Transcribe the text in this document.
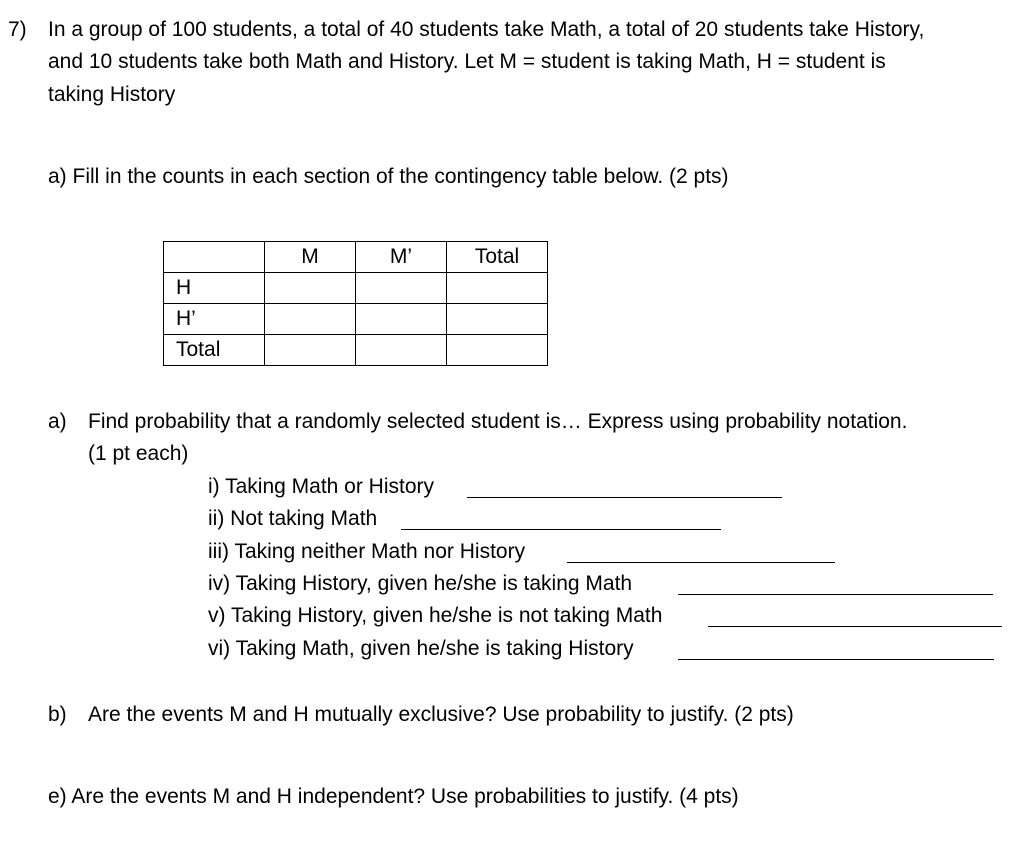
7) In a group of 100 students, a total of 40 students take Math, a total of 20 students take History,
and 10 students take both Math and History. Let M = student is taking Math, H = student is
taking History
a) Fill in the counts in each section of the contingency table below. (2 pts)
	M	M’	Total
H			
H’			
Total			
a) Find probability that a randomly selected student is… Express using probability notation.
(1 pt each)
i) Taking Math or History
ii) Not taking Math
iii) Taking neither Math nor History
iv) Taking History, given he/she is taking Math
v) Taking History, given he/she is not taking Math
vi) Taking Math, given he/she is taking History
b) Are the events M and H mutually exclusive? Use probability to justify. (2 pts)
e) Are the events M and H independent? Use probabilities to justify. (4 pts)
